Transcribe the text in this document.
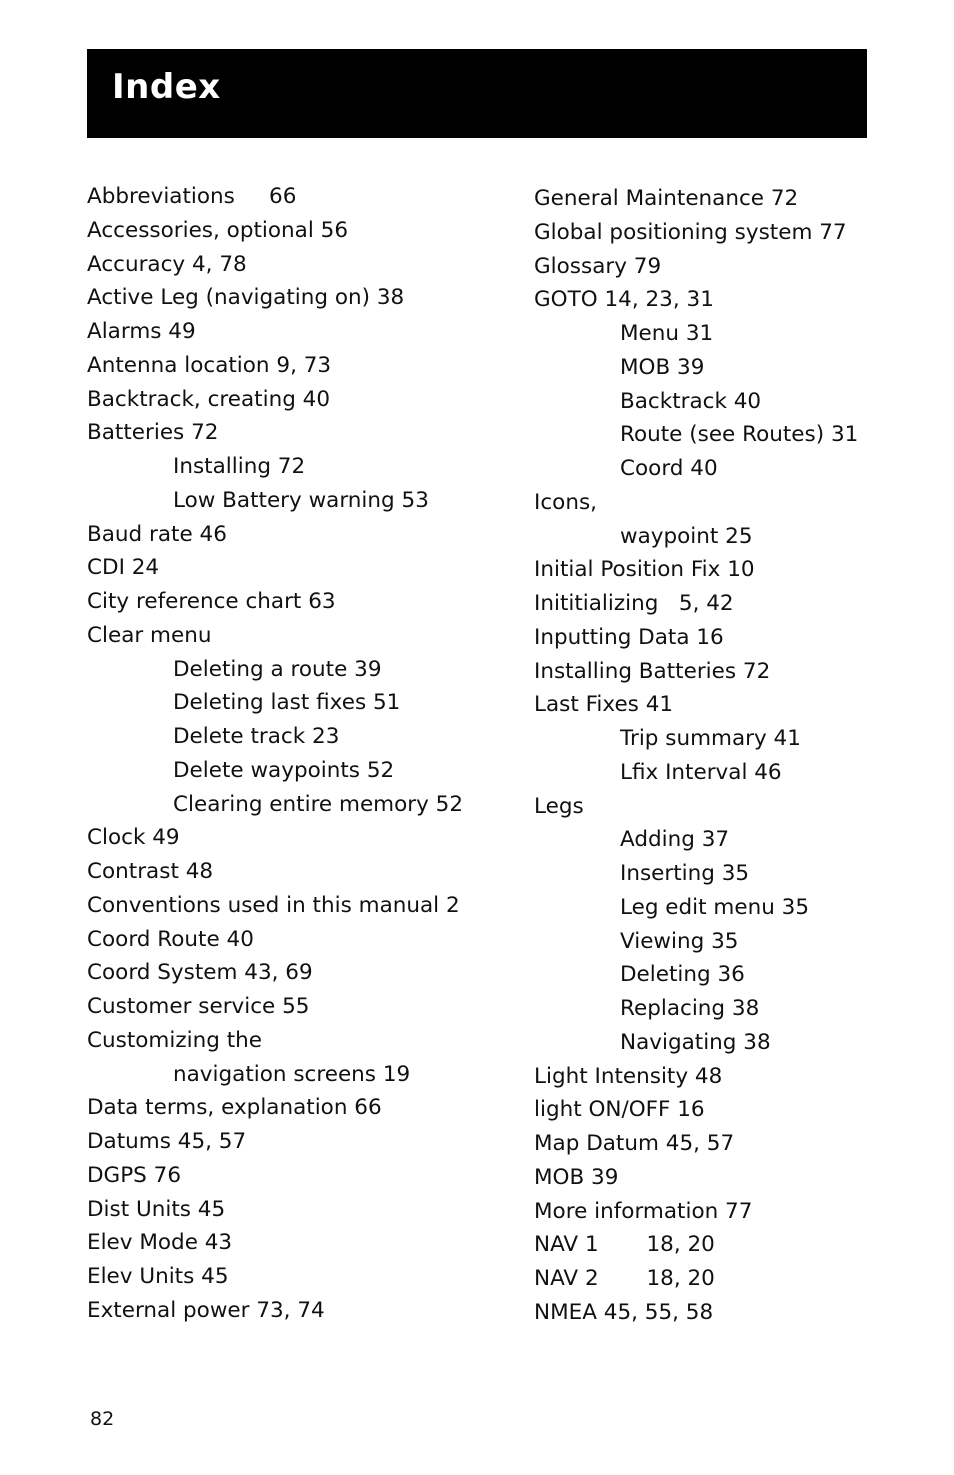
Index
Abbreviations     66
Accessories, optional 56
Accuracy 4, 78
Active Leg (navigating on) 38
Alarms 49
Antenna location 9, 73
Backtrack, creating 40
Batteries 72
Installing 72
Low Battery warning 53
Baud rate 46
CDI 24
City reference chart 63
Clear menu
Deleting a route 39
Deleting last fixes 51
Delete track 23
Delete waypoints 52
Clearing entire memory 52
Clock 49
Contrast 48
Conventions used in this manual 2
Coord Route 40
Coord System 43, 69
Customer service 55
Customizing the
navigation screens 19
Data terms, explanation 66
Datums 45, 57
DGPS 76
Dist Units 45
Elev Mode 43
Elev Units 45
External power 73, 74
General Maintenance 72
Global positioning system 77
Glossary 79
GOTO 14, 23, 31
Menu 31
MOB 39
Backtrack 40
Route (see Routes) 31
Coord 40
Icons,
waypoint 25
Initial Position Fix 10
Inititializing   5, 42
Inputting Data 16
Installing Batteries 72
Last Fixes 41
Trip summary 41
Lfix Interval 46
Legs
Adding 37
Inserting 35
Leg edit menu 35
Viewing 35
Deleting 36
Replacing 38
Navigating 38
Light Intensity 48
light ON/OFF 16
Map Datum 45, 57
MOB 39
More information 77
NAV 1       18, 20
NAV 2       18, 20
NMEA 45, 55, 58
82
